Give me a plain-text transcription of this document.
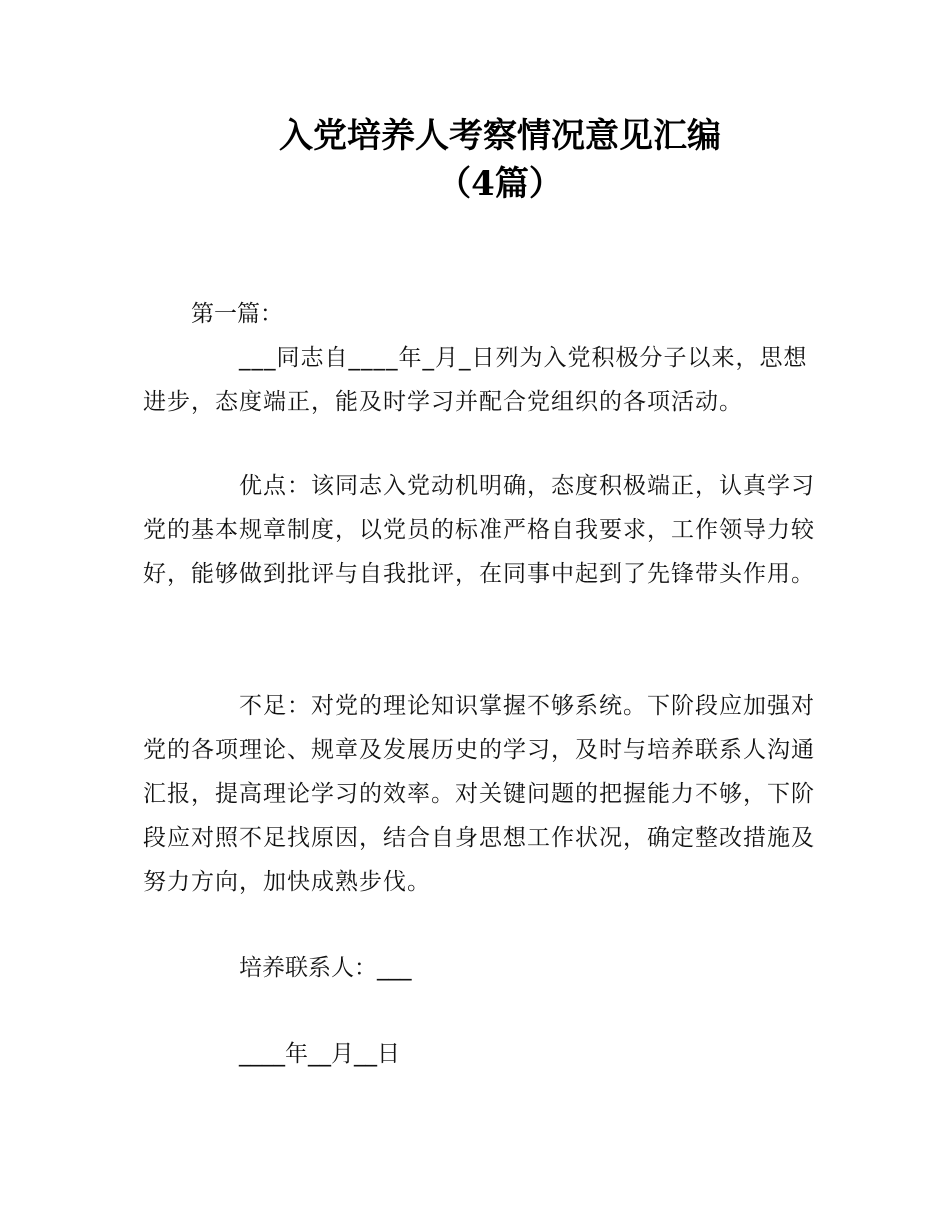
入党培养人考察情况意见汇编
（4篇）
第一篇：
___同志自____年_月_日列为入党积极分子以来，思想进步，态度端正，能及时学习并配合党组织的各项活动。
优点：该同志入党动机明确，态度积极端正，认真学习党的基本规章制度，以党员的标准严格自我要求，工作领导力较好，能够做到批评与自我批评，在同事中起到了先锋带头作用。
不足：对党的理论知识掌握不够系统。下阶段应加强对党的各项理论、规章及发展历史的学习，及时与培养联系人沟通汇报，提高理论学习的效率。对关键问题的把握能力不够，下阶段应对照不足找原因，结合自身思想工作状况，确定整改措施及努力方向，加快成熟步伐。
培养联系人：___
____年__月__日
